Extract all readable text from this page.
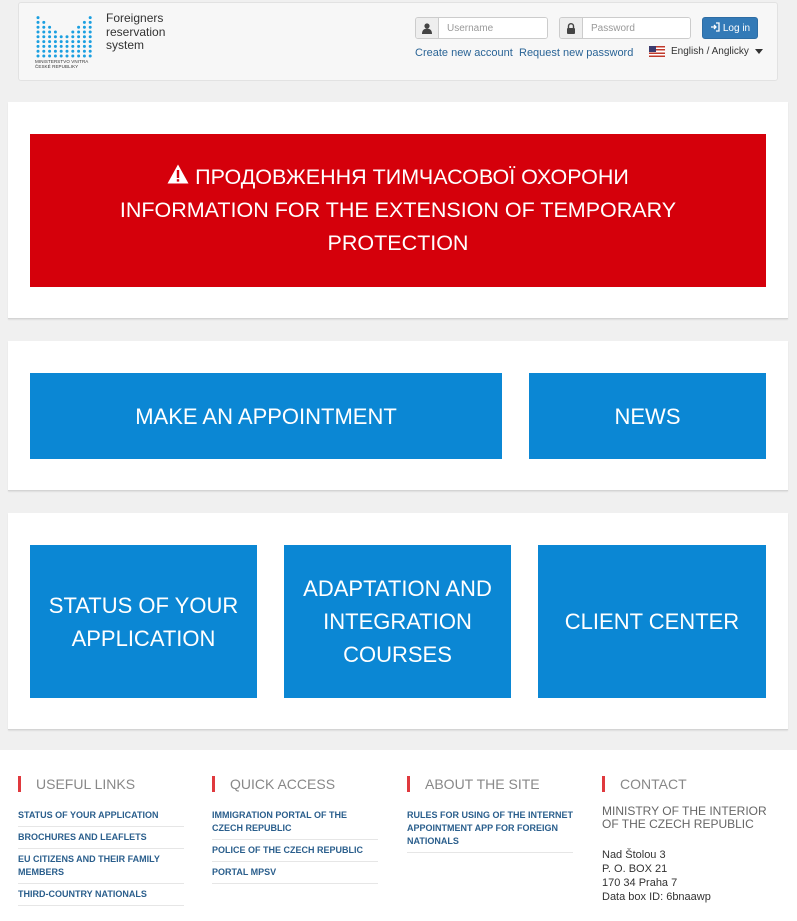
MINISTERSTVO VNITRA
ČESKÉ REPUBLIKY
Foreigners
reservation
system
Username
Log in
Create new account Request new password	English / Anglicky
ПРОДОВЖЕННЯ ТИМЧАСОВОЇ ОХОРОНИ
INFORMATION FOR THE EXTENSION OF TEMPORARY PROTECTION
MAKE AN APPOINTMENT	NEWS
STATUS OF YOUR
APPLICATION
ADAPTATION AND
INTEGRATION
COURSES
CLIENT CENTER
USEFUL LINKS
STATUS OF YOUR APPLICATION
BROCHURES AND LEAFLETS
EU CITIZENS AND THEIR FAMILY MEMBERS
THIRD-COUNTRY NATIONALS
QUICK ACCESS
IMMIGRATION PORTAL OF THE CZECH REPUBLIC
POLICE OF THE CZECH REPUBLIC
PORTAL MPSV
ABOUT THE SITE
RULES FOR USING OF THE INTERNET APPOINTMENT APP FOR FOREIGN NATIONALS
CONTACT
MINISTRY OF THE INTERIOR OF THE CZECH REPUBLIC
Nad Štolou 3
P. O. BOX 21
170 34 Praha 7
Data box ID: 6bnaawp
